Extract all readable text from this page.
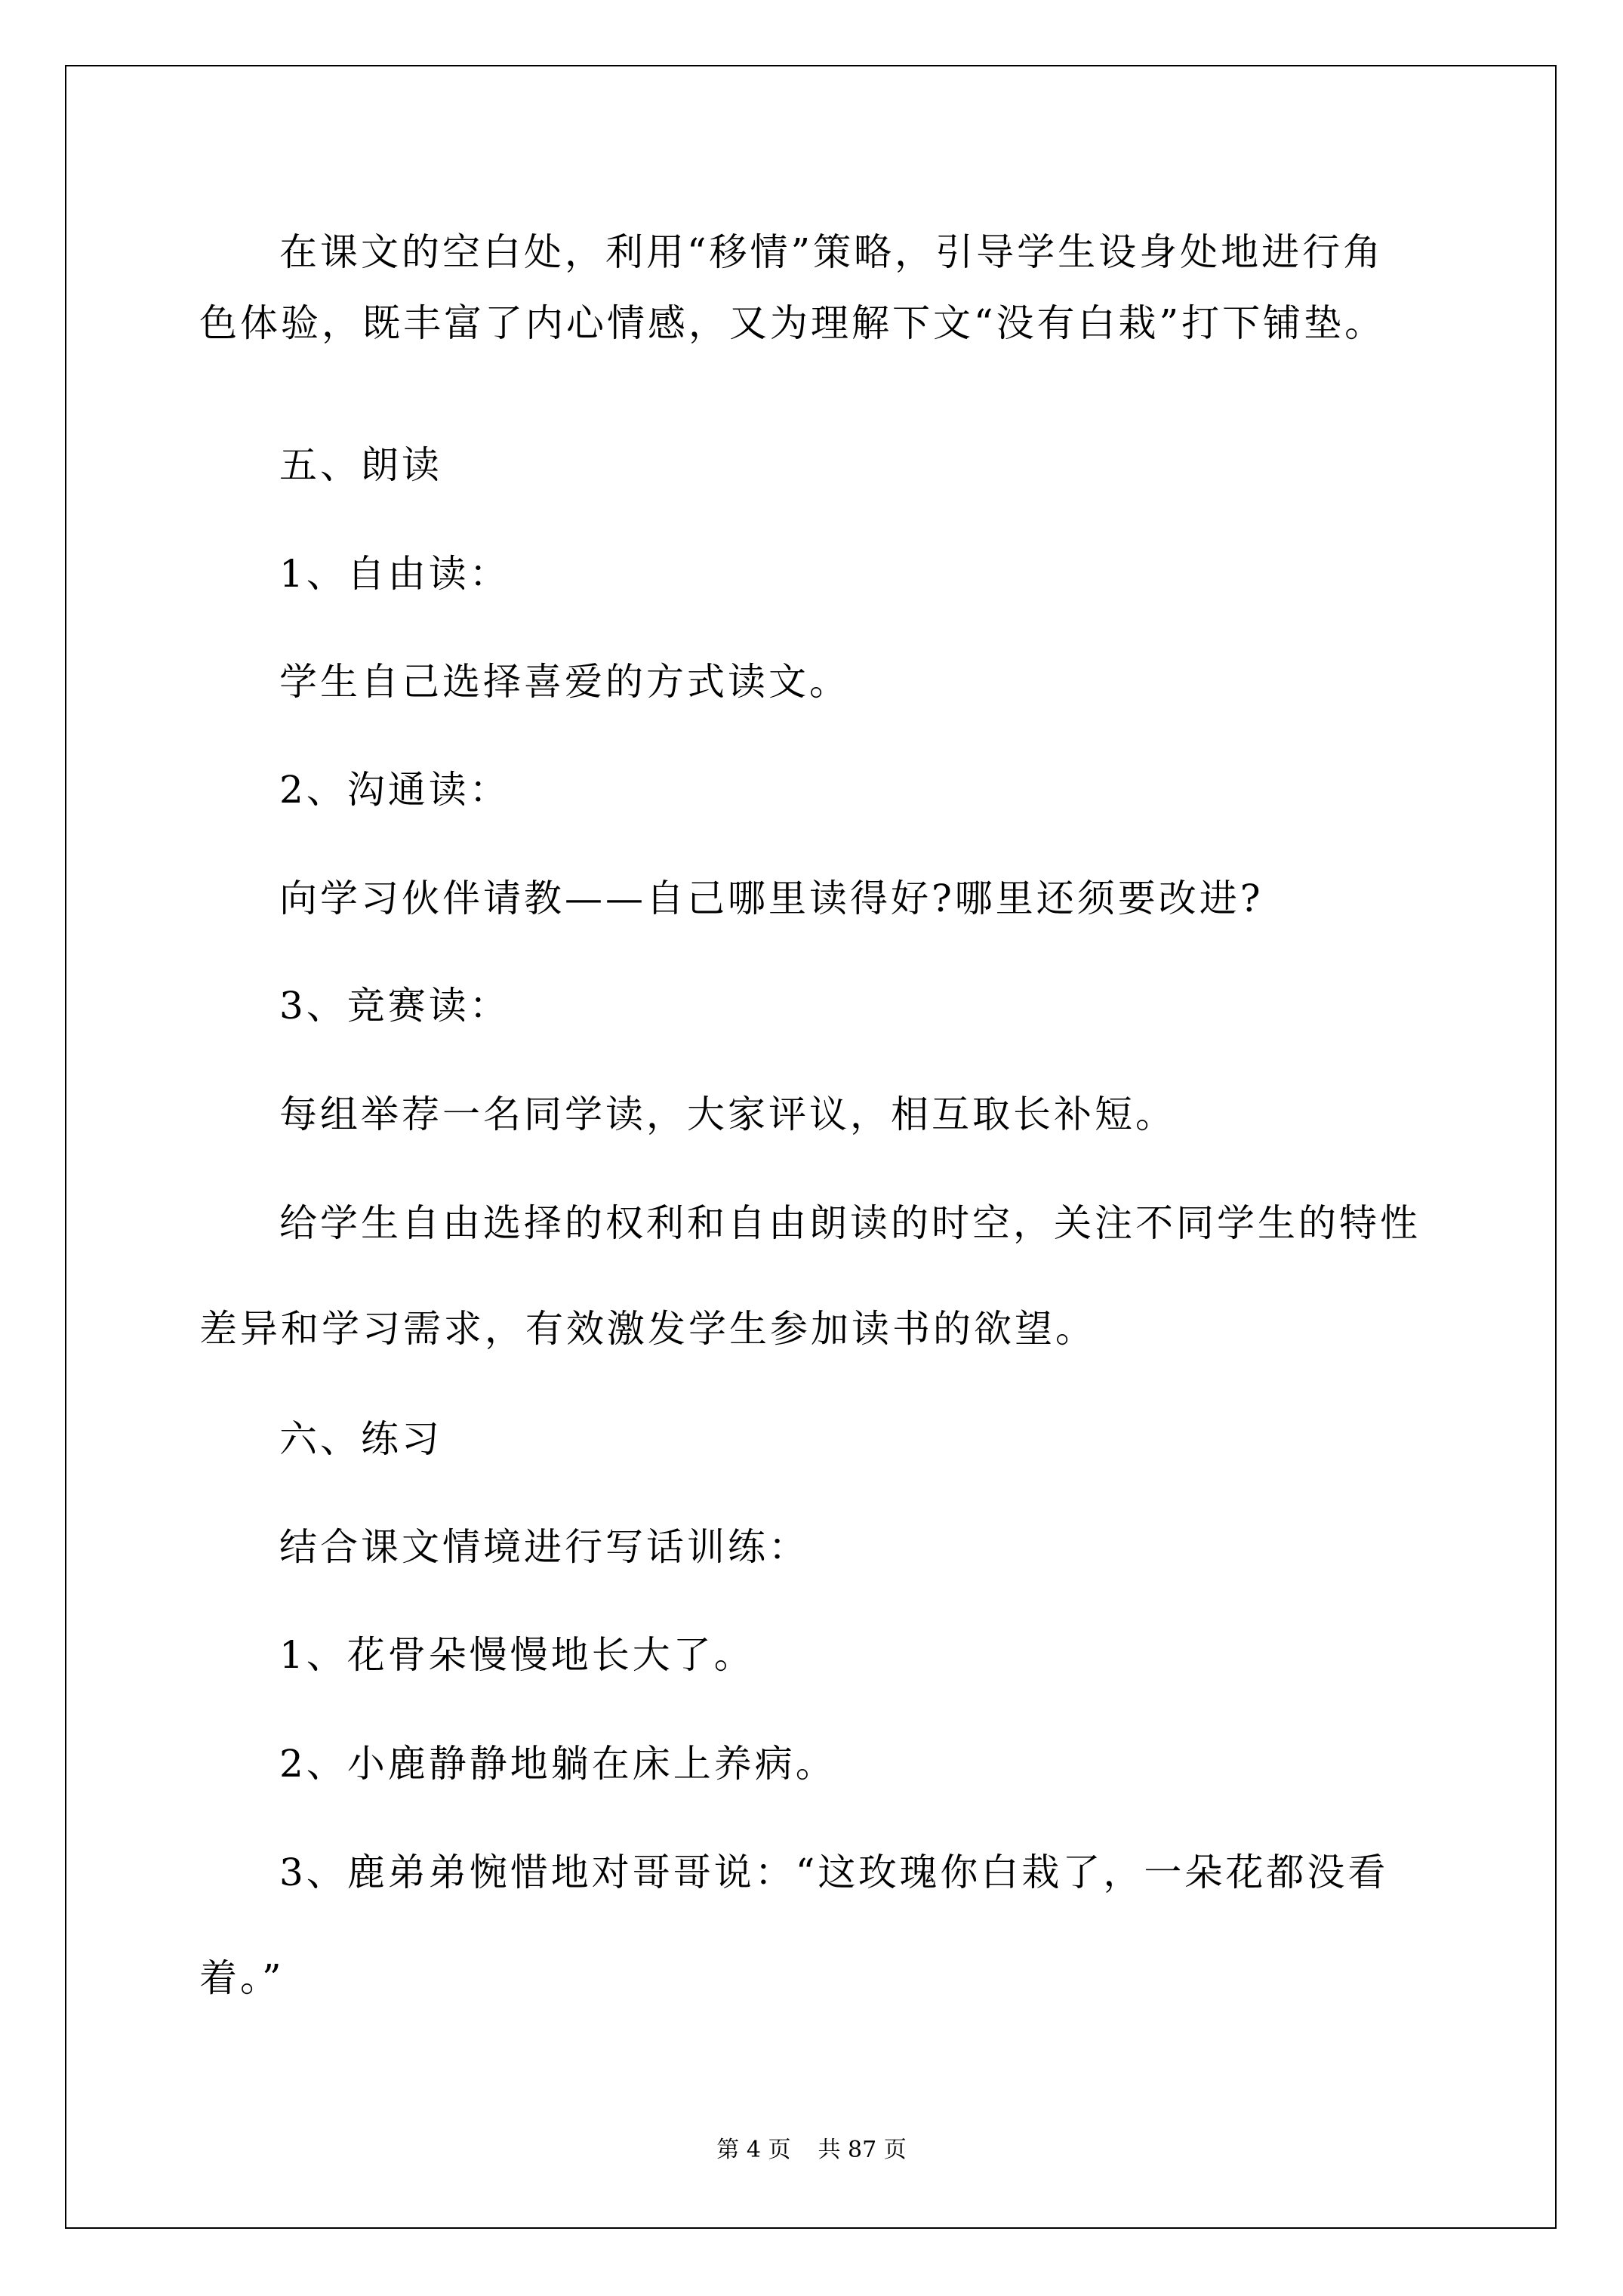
在课文的空白处，利用“移情”策略，引导学生设身处地进行角
色体验，既丰富了内心情感，又为理解下文“没有白栽”打下铺垫。
五、朗读
1、自由读：
学生自己选择喜爱的方式读文。
2、沟通读：
向学习伙伴请教——自己哪里读得好?哪里还须要改进?
3、竞赛读：
每组举荐一名同学读，大家评议，相互取长补短。
给学生自由选择的权利和自由朗读的时空，关注不同学生的特性
差异和学习需求，有效激发学生参加读书的欲望。
六、练习
结合课文情境进行写话训练：
1、花骨朵慢慢地长大了。
2、小鹿静静地躺在床上养病。
3、鹿弟弟惋惜地对哥哥说：“这玫瑰你白栽了，一朵花都没看
着。”
第 4 页 共 87 页
